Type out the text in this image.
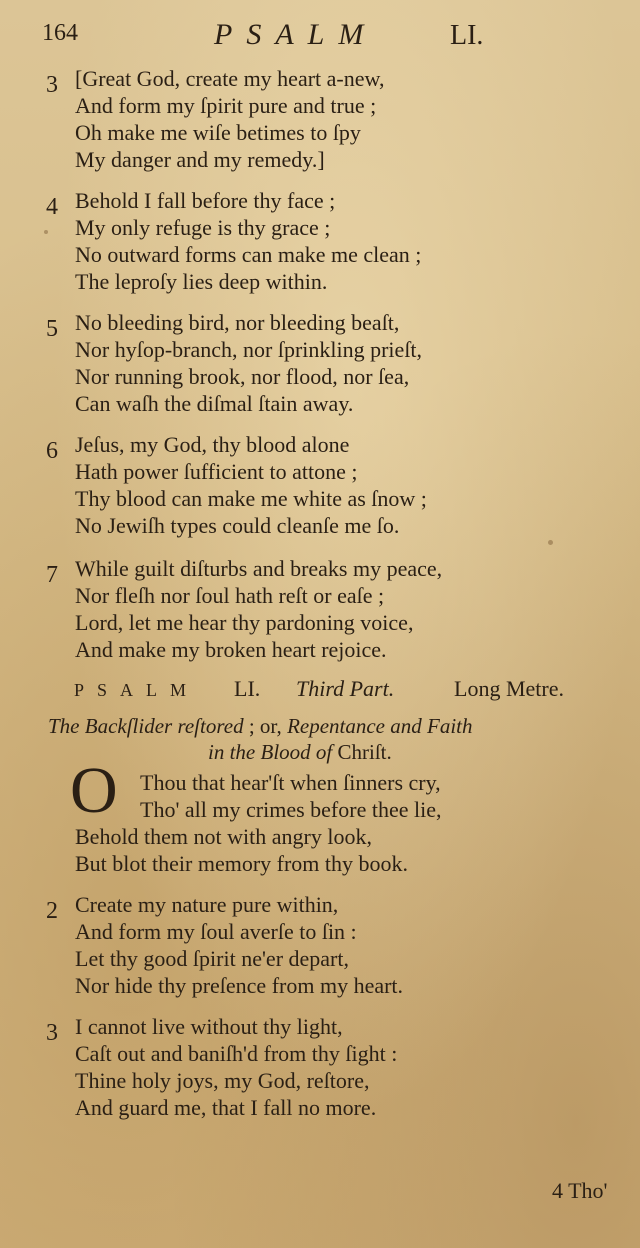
164	PSALM	LI.
3 [Great God, create my heart a-new,
And form my ſpirit pure and true ;
Oh make me wiſe betimes to ſpy
My danger and my remedy.]
4 Behold I fall before thy face ;
My only refuge is thy grace ;
No outward forms can make me clean ;
The leproſy lies deep within.
5 No bleeding bird, nor bleeding beaſt,
Nor hyſop-branch, nor ſprinkling prieſt,
Nor running brook, nor flood, nor ſea,
Can waſh the diſmal ſtain away.
6 Jeſus, my God, thy blood alone
Hath power ſufficient to attone ;
Thy blood can make me white as ſnow ;
No Jewiſh types could cleanſe me ſo.
7 While guilt diſturbs and breaks my peace,
Nor fleſh nor ſoul hath reſt or eaſe ;
Lord, let me hear thy pardoning voice,
And make my broken heart rejoice.
PSALM LI. Third Part.	Long Metre.
The Backſlider reſtored ; or, Repentance and Faith
in the Blood of Chriſt.
O Thou that hear'ſt when ſinners cry,
Tho' all my crimes before thee lie,
Behold them not with angry look,
But blot their memory from thy book.
2 Create my nature pure within,
And form my ſoul averſe to ſin :
Let thy good ſpirit ne'er depart,
Nor hide thy preſence from my heart.
3 I cannot live without thy light,
Caſt out and baniſh'd from thy ſight :
Thine holy joys, my God, reſtore,
And guard me, that I fall no more.
4 Tho'
